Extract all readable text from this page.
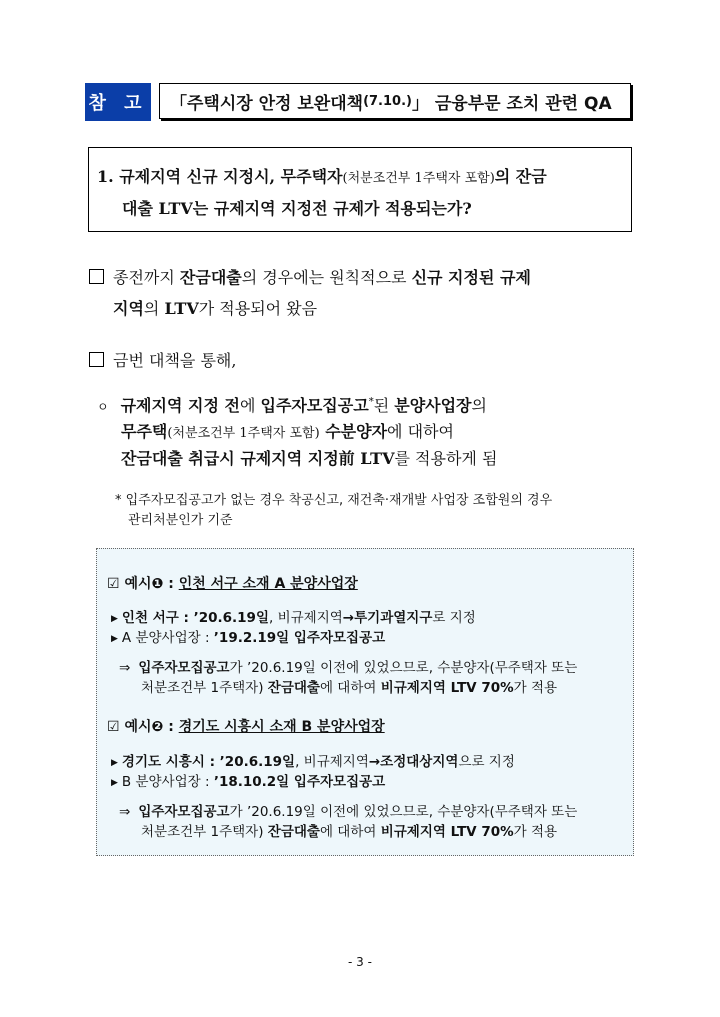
참 고 「주택시장 안정 보완대책 (7.10.) 」 금융부문 조치 관련 QA
1. 규제지역 신규 지정시, 무주택자(처분조건부 1주택자 포함)의 잔금
대출 LTV는 규제지역 지정전 규제가 적용되는가?
종전까지 잔금대출의 경우에는 원칙적으로 신규 지정된 규제
지역의 LTV가 적용되어 왔음
금번 대책을 통해,
ㅇ 규제지역 지정 전에 입주자모집공고*된 분양사업장의
무주택(처분조건부 1주택자 포함) 수분양자에 대하여
잔금대출 취급시 규제지역 지정前 LTV를 적용하게 됨
* 입주자모집공고가 없는 경우 착공신고, 재건축·재개발 사업장 조합원의 경우
관리처분인가 기준
☑ 예시❶ : 인천 서구 소재 A 분양사업장
▶ 인천 서구 : ’20.6.19일, 비규제지역→투기과열지구로 지정
▶ A 분양사업장 : ’19.2.19일 입주자모집공고
⇒ 입주자모집공고가 ’20.6.19일 이전에 있었으므로, 수분양자(무주택자 또는
처분조건부 1주택자) 잔금대출에 대하여 비규제지역 LTV 70%가 적용
☑ 예시❷ : 경기도 시흥시 소재 B 분양사업장
▶ 경기도 시흥시 : ’20.6.19일, 비규제지역→조정대상지역으로 지정
▶ B 분양사업장 : ’18.10.2일 입주자모집공고
⇒ 입주자모집공고가 ’20.6.19일 이전에 있었으므로, 수분양자(무주택자 또는
처분조건부 1주택자) 잔금대출에 대하여 비규제지역 LTV 70%가 적용
- 3 -
